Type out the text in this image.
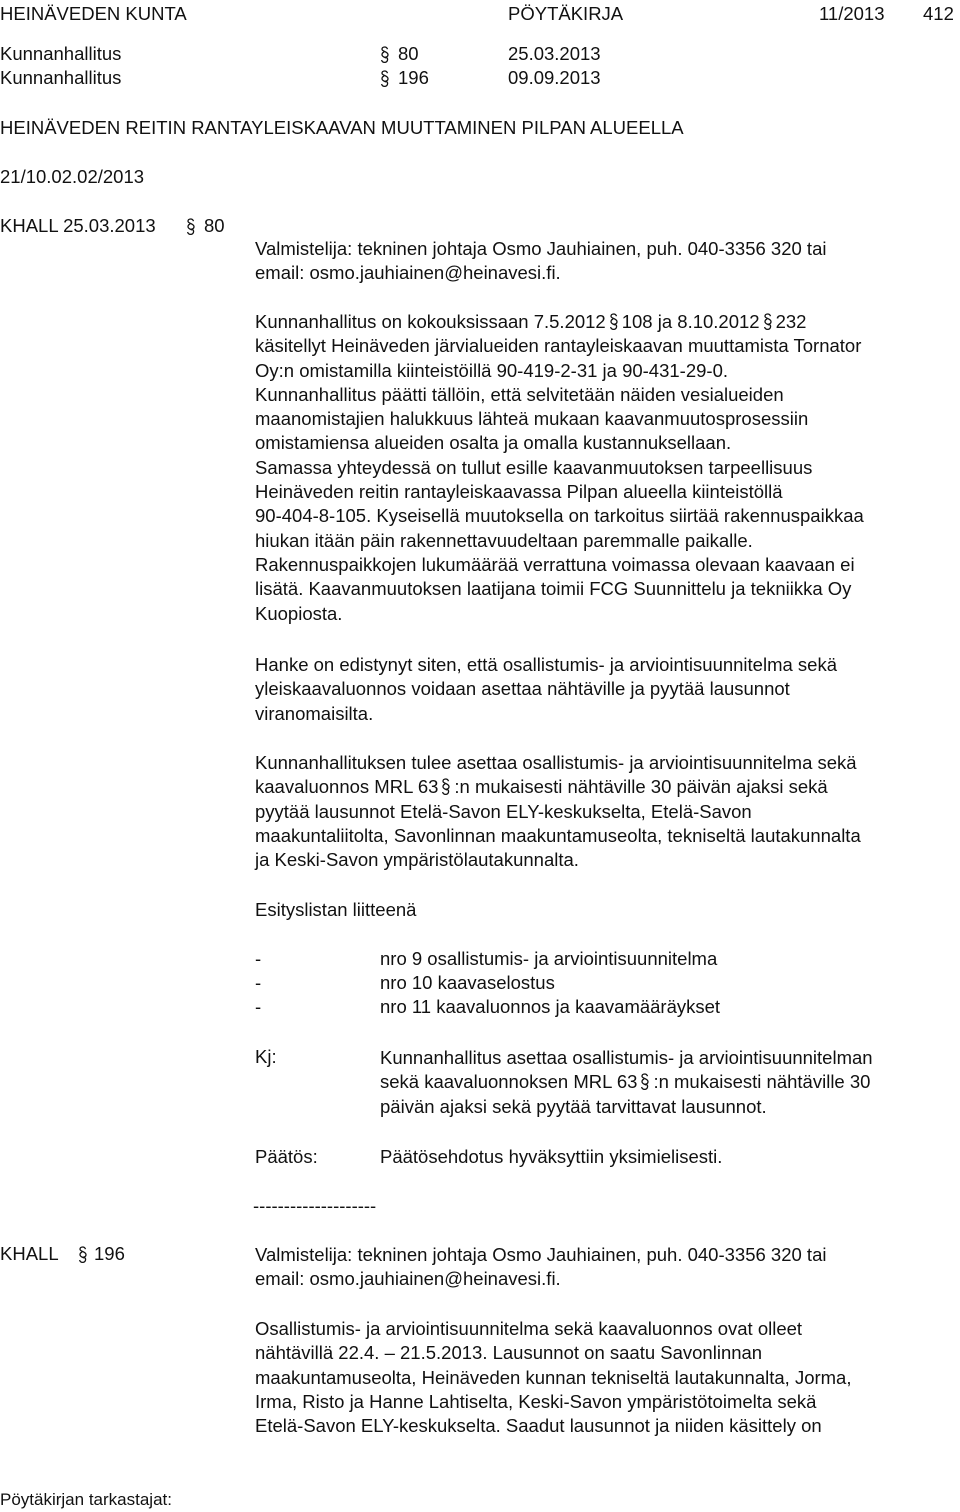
HEINÄVEDEN KUNTA	PÖYTÄKIRJA	11/2013 412
Kunnanhallitus	80	25.03.2013
Kunnanhallitus	196	09.09.2013
HEINÄVEDEN REITIN RANTAYLEISKAAVAN MUUTTAMINEN PILPAN ALUEELLA
21/10.02.02/2013
KHALL 25.03.2013	80

Valmistelija: tekninen johtaja Osmo Jauhiainen, puh. 040-3356 320 tai

email: osmo.jauhiainen@heinavesi.fi.

Kunnanhallitus on kokouksissaan 7.5.2012 108 ja 8.10.2012 232

käsitellyt Heinäveden järvialueiden rantayleiskaavan muuttamista Tornator

Oy:n omistamilla kiinteistöillä 90-419-2-31 ja 90-431-29-0.

Kunnanhallitus päätti tällöin, että selvitetään näiden vesialueiden

maanomistajien halukkuus lähteä mukaan kaavanmuutosprosessiin

omistamiensa alueiden osalta ja omalla kustannuksellaan.

Samassa yhteydessä on tullut esille kaavanmuutoksen tarpeellisuus

Heinäveden reitin rantayleiskaavassa Pilpan alueella kiinteistöllä

90-404-8-105. Kyseisellä muutoksella on tarkoitus siirtää rakennuspaikkaa

hiukan itään päin rakennettavuudeltaan paremmalle paikalle.

Rakennuspaikkojen lukumäärää verrattuna voimassa olevaan kaavaan ei

lisätä. Kaavanmuutoksen laatijana toimii FCG Suunnittelu ja tekniikka Oy

Kuopiosta.

Hanke on edistynyt siten, että osallistumis- ja arviointisuunnitelma sekä

yleiskaavaluonnos voidaan asettaa nähtäville ja pyytää lausunnot

viranomaisilta.

Kunnanhallituksen tulee asettaa osallistumis- ja arviointisuunnitelma sekä

kaavaluonnos MRL 63 :n mukaisesti nähtäville 30 päivän ajaksi sekä

pyytää lausunnot Etelä-Savon ELY-keskukselta, Etelä-Savon

maakuntaliitolta, Savonlinnan maakuntamuseolta, tekniseltä lautakunnalta

ja Keski-Savon ympäristölautakunnalta.

Esityslistan liitteenä
-	nro 9 osallistumis- ja arviointisuunnitelma
-	nro 10 kaavaselostus
-	nro 11 kaavaluonnos ja kaavamääräykset
Kj:	Kunnanhallitus asettaa osallistumis- ja arviointisuunnitelman

sekä kaavaluonnoksen MRL 63 :n mukaisesti nähtäville 30

päivän ajaksi sekä pyytää tarvittavat lausunnot.

Päätös:	Päätösehdotus hyväksyttiin yksimielisesti.
--------------------
KHALL 196	Valmistelija: tekninen johtaja Osmo Jauhiainen, puh. 040-3356 320 tai

email: osmo.jauhiainen@heinavesi.fi.

Osallistumis- ja arviointisuunnitelma sekä kaavaluonnos ovat olleet

nähtävillä 22.4. – 21.5.2013. Lausunnot on saatu Savonlinnan

maakuntamuseolta, Heinäveden kunnan tekniseltä lautakunnalta, Jorma,

Irma, Risto ja Hanne Lahtiselta, Keski-Savon ympäristötoimelta sekä

Etelä-Savon ELY-keskukselta. Saadut lausunnot ja niiden käsittely on

Pöytäkirjan tarkastajat:
